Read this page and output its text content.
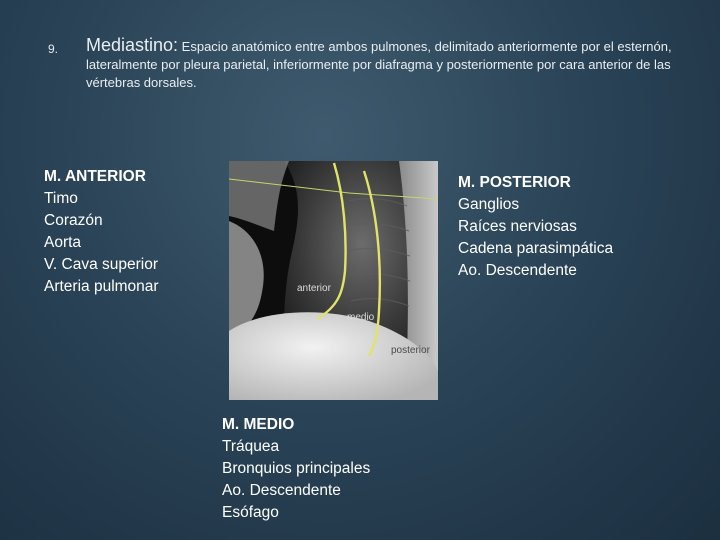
9. Mediastino: Espacio anatómico entre ambos pulmones, delimitado anteriormente por el esternón, lateralmente por pleura parietal, inferiormente por diafragma y posteriormente por cara anterior de las vértebras dorsales.
M. ANTERIOR
Timo
Corazón
Aorta
V. Cava superior
Arteria pulmonar
M. POSTERIOR
Ganglios
Raíces nerviosas
Cadena parasimpática
Ao. Descendente
M. MEDIO
Tráquea
Bronquios principales
Ao. Descendente
Esófago
anterior
medio
posterior
